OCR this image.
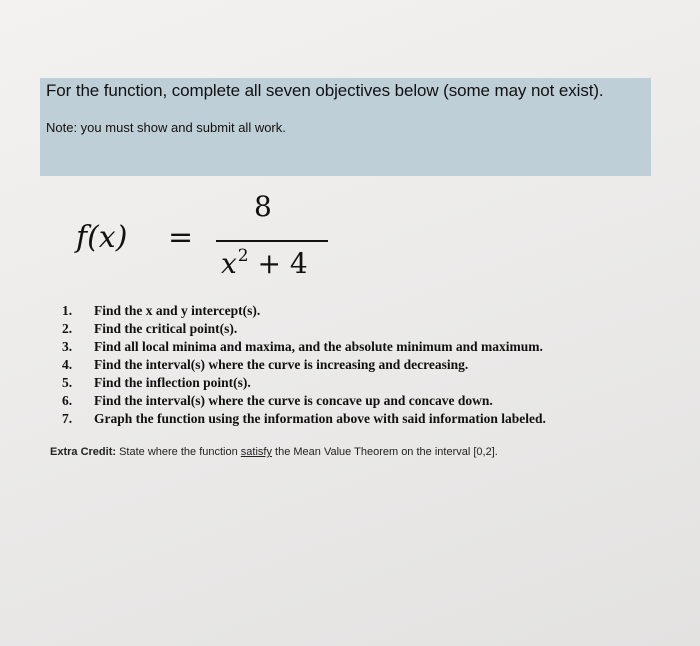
For the function, complete all seven objectives below (some may not exist).
Note: you must show and submit all work.
f(x) =
8
$x^2 + 4$
1. Find the x and y intercept(s).
2. Find the critical point(s).
3. Find all local minima and maxima, and the absolute minimum and maximum.
4. Find the interval(s) where the curve is increasing and decreasing.
5. Find the inflection point(s).
6. Find the interval(s) where the curve is concave up and concave down.
7. Graph the function using the information above with said information labeled.
Extra Credit: State where the function satisfy the Mean Value Theorem on the interval [0,2].
